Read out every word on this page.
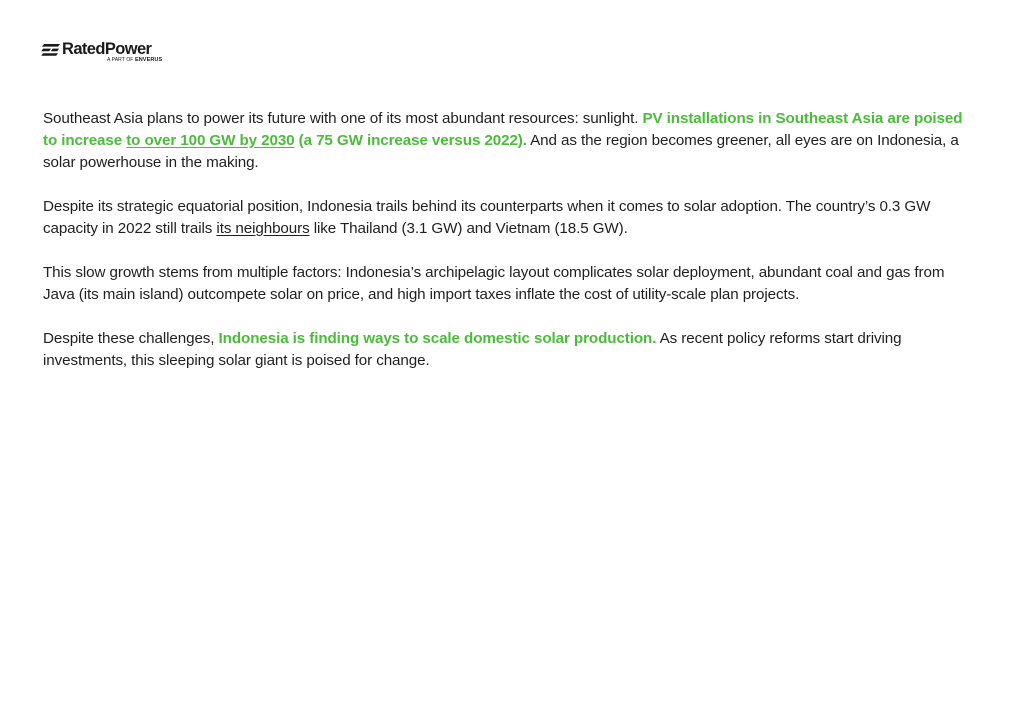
RatedPower
A PART OF ENVERUS

Southeast Asia plans to power its future with one of its most abundant resources: sunlight. PV installations in Southeast Asia are poised to increase to over 100 GW by 2030 (a 75 GW increase versus 2022). And as the region becomes greener, all eyes are on Indonesia, a solar powerhouse in the making.

Despite its strategic equatorial position, Indonesia trails behind its counterparts when it comes to solar adoption. The country’s 0.3 GW capacity in 2022 still trails its neighbours like Thailand (3.1 GW) and Vietnam (18.5 GW).

This slow growth stems from multiple factors: Indonesia’s archipelagic layout complicates solar deployment, abundant coal and gas from Java (its main island) outcompete solar on price, and high import taxes inflate the cost of utility-scale plan projects.

Despite these challenges, Indonesia is finding ways to scale domestic solar production. As recent policy reforms start driving investments, this sleeping solar giant is poised for change.
